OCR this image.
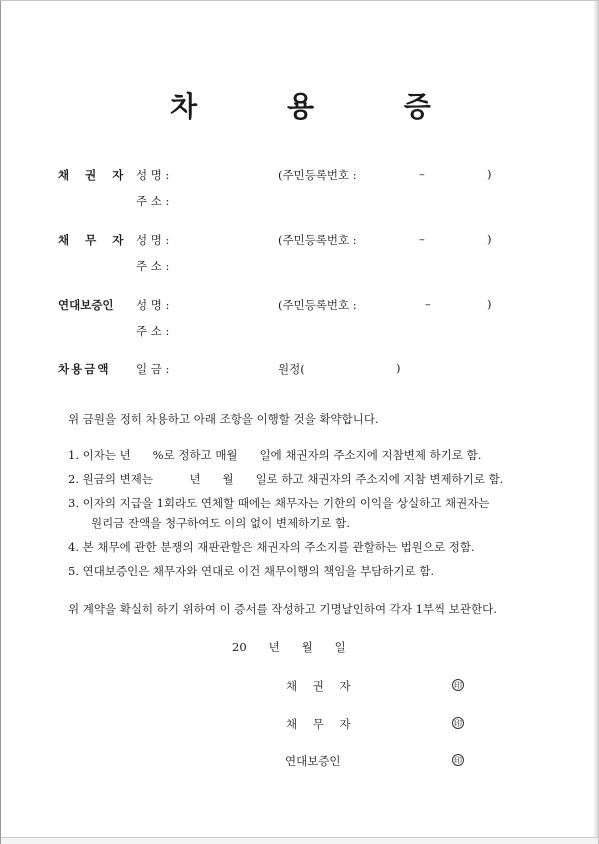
차 용 증
채 권 자 성 명 :	(주민등록번호 :	–	)
주 소 :
채 무 자 성 명 :	(주민등록번호 :	–	)
주 소 :
연대보증인 성 명 :	(주민등록번호 :	–	)
주 소 :
차용금액 일 금 :	원정(	)
위 금원을 정히 차용하고 아래 조항을 이행할 것을 확약합니다.
1. 이자는 년      %로 정하고 매월      일에 채권자의 주소지에 지참변제 하기로 함.
2. 원금의 변제는          년      월      일로 하고 채권자의 주소지에 지참 변제하기로 함.
3. 이자의 지급을 1회라도 연체할 때에는 채무자는 기한의 이익을 상실하고 채권자는
원리금 잔액을 청구하여도 이의 없이 변제하기로 함.
4. 본 채무에 관한 분쟁의 재판관할은 채권자의 주소지를 관할하는 법원으로 정함.
5. 연대보증인은 채무자와 연대로 이건 채무이행의 책임을 부담하기로 함.
위 계약을 확실히 하기 위하여 이 증서를 작성하고 기명날인하여 각자 1부씩 보관한다.
20      년      월      일
채 권 자	印
채 무 자	印
연대보증인	印
